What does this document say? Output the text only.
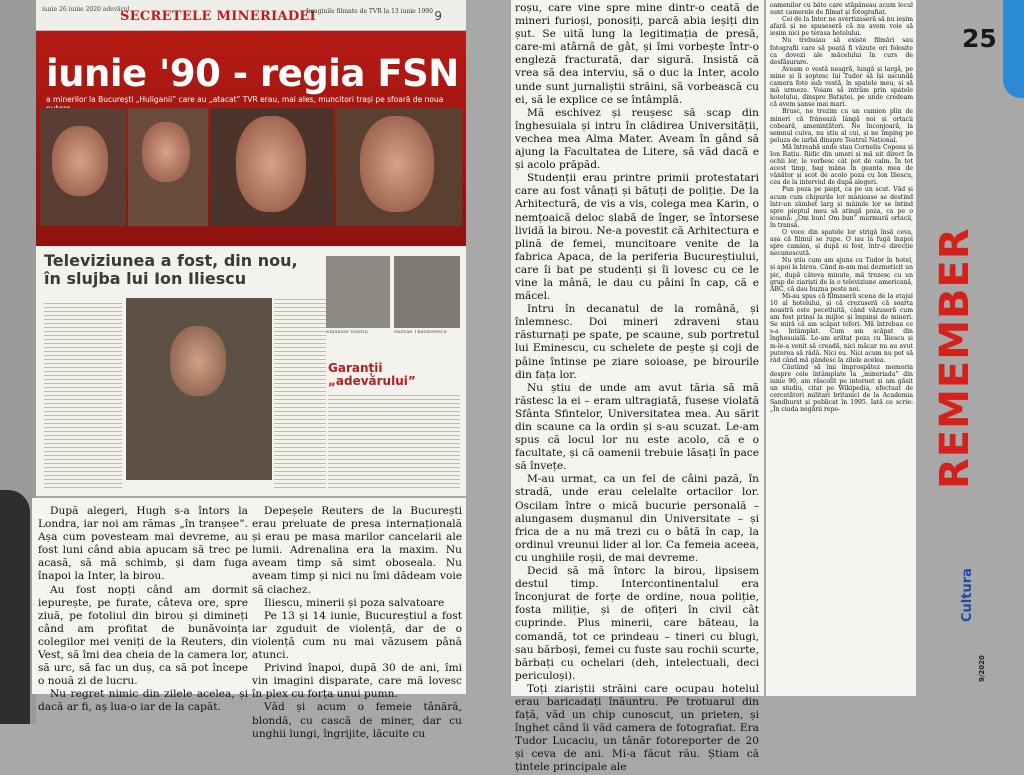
iunie 26 iunie 2020 adevărul
SECRETELE MINERIADEI
Imaginile filmate de TVR la 13 iunie 1990 9
iunie '90 - regia FSN
a minerilor la București „Huliganii” care au „atacat” TVR erau, mai ales, muncitori trași pe sfoară de noua
Televiziunea a fost, din nou, în slujba lui Ion Iliescu
Emanuel Valeriu	Răzvan Theodorescu
Garanții „adevărului”

După alegeri, Hugh s-a întors la Londra, iar noi am rămas „în tranșee”. Așa cum povesteam mai devreme, au fost luni când abia apucam să trec pe acasă, să mă schimb, și dam fuga înapoi la Inter, la birou.

Au fost nopți când am dormit iepurește, pe furate, câteva ore, spre ziuă, pe fotoliul din birou și dimineți când am profitat de bunăvoința colegilor mei veniți de la Reuters, din Vest, să îmi dea cheia de la camera lor, să urc, să fac un duș, ca să pot începe o nouă zi de lucru.

Nu regret nimic din zilele acelea, și dacă ar fi, aș lua-o iar de la capăt.

Depeșele Reuters de la București erau preluate de presa internațională și erau pe masa marilor cancelarii ale lumii. Adrenalina era la maxim. Nu aveam timp să simt oboseala. Nu aveam timp și nici nu îmi dădeam voie să clachez.

Iliescu, minerii și poza salvatoare

Pe 13 și 14 iunie, Bucureștiul a fost iar zguduit de violență, dar de o violență cum nu mai văzusem până atunci.

Privind înapoi, după 30 de ani, îmi vin imagini disparate, care mă lovesc în plex cu forța unui pumn.

Văd și acum o femeie tânără, blondă, cu cască de miner, dar cu unghii lungi, îngrijite, lăcuite cu

roșu, care vine spre mine dintr-o ceată de mineri furioși, ponosiți, parcă abia ieșiți din șut. Se uită lung la legitimația de presă, care-mi atârnă de gât, și îmi vorbește într-o engleză fracturată, dar sigură. Insistă că vrea să dea interviu, să o duc la Inter, acolo unde sunt jurnaliștii străini, să vorbească cu ei, să le explice ce se întâmplă.

Mă eschivez și reușesc să scap din înghesuiala și intru în clădirea Universității, vechea mea Alma Mater. Aveam în gând să ajung la Facultatea de Litere, să văd dacă e și acolo prăpăd.

Studenții erau printre primii protestatari care au fost vânați și bătuți de poliție. De la Arhitectură, de vis a vis, colega mea Karin, o nemțoaică deloc slabă de înger, se întorsese lividă la birou. Ne-a povestit că Arhitectura e plină de femei, muncitoare venite de la fabrica Apaca, de la periferia Bucureștiului, care îi bat pe studenți și îi lovesc cu ce le vine la mână, le dau cu pâini în cap, că e măcel.

Intru în decanatul de la română, și înlemnesc. Doi mineri zdraveni stau răsturnați pe spate, pe scaune, sub portretul lui Eminescu, cu schelete de pește și coji de pâine întinse pe ziare soioase, pe birourile din fața lor.

Nu știu de unde am avut tăria să mă răstesc la ei – eram ultragiată, fusese violată Sfânta Sfintelor, Universitatea mea. Au sărit din scaune ca la ordin și s-au scuzat. Le-am spus că locul lor nu este acolo, că e o facultate, și că oamenii trebuie lăsați în pace să învețe.

M-au urmat, ca un fel de câini pază, în stradă, unde erau celelalte ortacilor lor. Oscilam între o mică bucurie personală – alungasem dușmanul din Universitate – și frica de a nu mă trezi cu o bâtă în cap, la ordinul vreunui lider al lor. Ca femeia aceea, cu unghiile roșii, de mai devreme.

Decid să mă întorc la birou, lipsisem destul timp. Intercontinentalul era înconjurat de forțe de ordine, noua poliție, fosta miliție, și de ofițeri în civil cât cuprinde. Plus minerii, care băteau, la comandă, tot ce prindeau – tineri cu blugi, sau bărboși, femei cu fuste sau rochii scurte, bărbați cu ochelari (deh, intelectuali, deci periculoși).

Toți ziariștii străini care ocupau hotelul erau baricadați înăuntru. Pe trotuarul din față, văd un chip cunoscut, un prieten, și înghet când îi văd camera de fotografiat. Era Tudor Lucaciu, un tânăr fotoreporter de 20 și ceva de ani. Mi-a făcut rău. Știam că țintele principale ale

oamenilor cu bâte care stăpâneau acum locul sunt camerele de filmat și fotografiat.

Cei de la Inter ne avertizaseră să nu ieșim afară și ne spuseseră că nu avem voie să ieșim nici pe terasa hotelului.

Nu trebuiau să existe filmări sau fotografii care să poată fi văzute ori folosite ca dovezi ale măcelului în curs de desfășurare.

Aveam o vestă neagră, lungă și largă, pe mine și îi șoptesc lui Tudor să își ascundă camera foto sub vestă, în spatele meu, și să mă urmeze. Voiam să intrăm prin spatele hotelului, dinspre Batiștei, pe unde credeam că avem șanse mai mari.

Brusc, ne trezim cu un camion plin de mineri că frânează lângă noi și ortacii coboară, amenințători. Ne înconjoară, la semnul cuiva, nu știu al cui, și ne împing pe peluza de iarbă dinspre Teatrul Național.

Mă întreabă unde stau Corneliu Coposu și Ion Rațiu. Ridic din umeri și mă uit direct în ochii lor, le vorbesc cât pot de calm. În tot acest timp, bag mâna în geanta mea de vânător și scot de acolo poza cu Ion Iliescu, cea de la interviul de după alegeri.

Pun poza pe piept, ca pe un scut. Văd și acum cum chipurile lor mânioase se destind într-un zâmbet larg și mâinile lor se întind spre pieptul meu să atingă poza, ca pe o icoană: „Om bun! Om bun” murmură ortacii, în transă.

O voce din spatele lor strigă însă ceva, așa că filmul se rupe. O iau la fugă înapoi spre camion, și după ei fost, într-o direcție necunoscută.

Nu știu cum am ajuns cu Tudor în hotel, și apoi la birou. Când m-am mai dezmeticit un pic, după câteva minute, mă trezesc cu un grup de ziariști de la o televiziune americană, ABC, că dau buzna peste noi.

Mi-au spus că filmaseră scena de la etajul 10 al hotelului, și că crezuseră că soarta noastră este pecetluită, când văzuseră cum am fost prinși la mijloc și împinși de mineri. Se miră că am scăpat teferi. Mă întrebau ce s-a întâmplat. Cum am scăpat din înghesuială. Le-am arătat poza cu Iliescu și m-le-a venit să creadă, nici măcar nu au avut puterea să râdă. Nici eu. Nici acum nu pot să râd când mă gândesc la zilele acelea.

Căutând să îmi împrospătez memoria despre cele întâmplate la „mineriada” din iunie 90, am răscolit pe internet și am găsit un studiu, citat pe Wikipedia, efectuat de cercetători militari britanici de la Academia Sandhurst și publicat în 1995. Iată ce scrie: „În ciuda negării repe-

25
REMEMBER
Cultura
9/2020
